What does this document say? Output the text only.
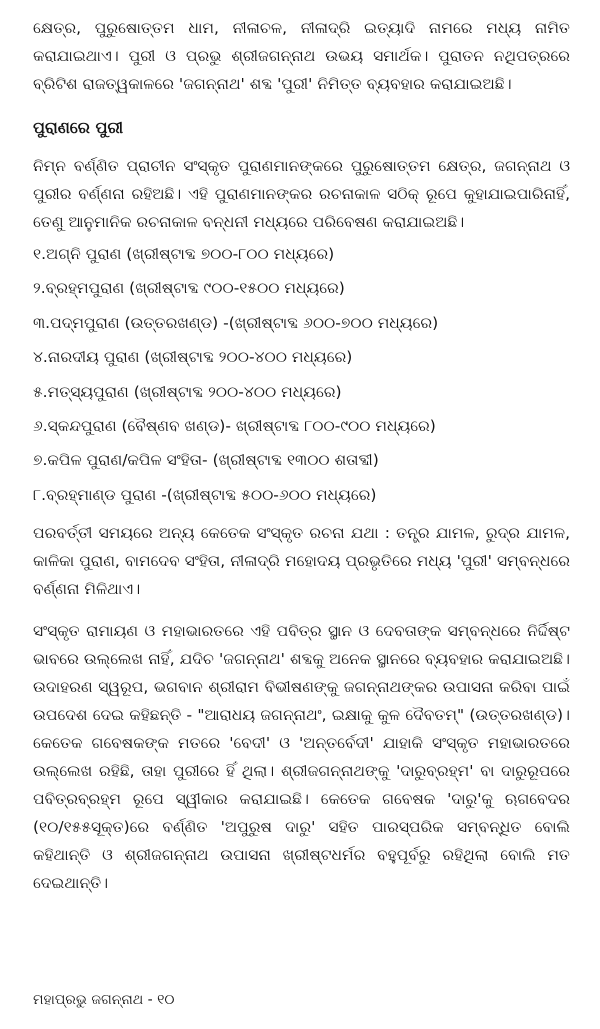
କ୍ଷେତ୍ର, ପୁରୁଷୋତ୍ତମ ଧାମ, ନୀଳାଚଳ, ନୀଳାଦ୍ରି ଇତ୍ୟାଦି ନାମରେ ମଧ୍ୟ ନାମିତ କରାଯାଇଥାଏ। ପୁରୀ ଓ ପ୍ରଭୁ ଶ୍ରୀଜଗନ୍ନାଥ ଉଭୟ ସମାର୍ଥକ। ପୁରାତନ ନଥିପତ୍ରରେ ବ୍ରିଟିଶ ରାଜତ୍ୱକାଳରେ 'ଜଗନ୍ନାଥ' ଶବ୍ଦ 'ପୁରୀ' ନିମିତ୍ତ ବ୍ୟବହାର କରାଯାଇଅଛି।

ପୁରାଣରେ ପୁରୀ

ନିମ୍ନ ବର୍ଣ୍ଣିତ ପ୍ରାଚୀନ ସଂସ୍କୃତ ପୁରାଣମାନଙ୍କରେ ପୁରୁଷୋତ୍ତମ କ୍ଷେତ୍ର, ଜଗନ୍ନାଥ ଓ ପୁରୀର ବର୍ଣ୍ଣନା ରହିଅଛି। ଏହି ପୁରାଣମାନଙ୍କର ରଚନାକାଳ ସଠିକ୍ ରୂପେ କୁହାଯାଇପାରିନାହିଁ, ତେଣୁ ଆନୁମାନିକ ରଚନାକାଳ ବନ୍ଧନୀ ମଧ୍ୟରେ ପରିବେଷଣ କରାଯାଇଅଛି।

୧.ଅଗ୍ନି ପୁରାଣ (ଖ୍ରୀଷ୍ଟାବ୍ଦ ୭୦୦-୮୦୦ ମଧ୍ୟରେ)
୨.ବ୍ରହ୍ମପୁରାଣ (ଖ୍ରୀଷ୍ଟାବ୍ଦ ୯୦୦-୧୫୦୦ ମଧ୍ୟରେ)
୩.ପଦ୍ମପୁରାଣ (ଉତ୍ତରଖଣ୍ଡ) -(ଖ୍ରୀଷ୍ଟାବ୍ଦ ୬୦୦-୭୦୦ ମଧ୍ୟରେ)
୪.ନାରଦୀୟ ପୁରାଣ (ଖ୍ରୀଷ୍ଟାବ୍ଦ ୨୦୦-୪୦୦ ମଧ୍ୟରେ)
୫.ମତ୍ସ୍ୟପୁରାଣ (ଖ୍ରୀଷ୍ଟାବ୍ଦ ୨୦୦-୪୦୦ ମଧ୍ୟରେ)
୬.ସ୍କନ୍ଦପୁରାଣ (ବୈଷ୍ଣବ ଖଣ୍ଡ)- ଖ୍ରୀଷ୍ଟାବ୍ଦ ୮୦୦-୯୦୦ ମଧ୍ୟରେ)
୭.କପିଳ ପୁରାଣ/କପିଳ ସଂହିତା- (ଖ୍ରୀଷ୍ଟାବ୍ଦ ୧୩୦୦ ଶତାବ୍ଦୀ)
୮.ବ୍ରହ୍ମାଣ୍ଡ ପୁରାଣ -(ଖ୍ରୀଷ୍ଟାବ୍ଦ ୫୦୦-୬୦୦ ମଧ୍ୟରେ)

ପରବର୍ତ୍ତୀ ସମୟରେ ଅନ୍ୟ କେତେକ ସଂସ୍କୃତ ରଚନା ଯଥା : ତନ୍ତ୍ର ଯାମଳ, ରୁଦ୍ର ଯାମଳ, କାଳିକା ପୁରାଣ, ବାମଦେବ ସଂହିତା, ନୀଳାଦ୍ରି ମହୋଦୟ ପ୍ରଭୃତିରେ ମଧ୍ୟ 'ପୁରୀ' ସମ୍ବନ୍ଧରେ ବର୍ଣ୍ଣନା ମିଳିଥାଏ।

ସଂସ୍କୃତ ରାମାୟଣ ଓ ମହାଭାରତରେ ଏହି ପବିତ୍ର ସ୍ଥାନ ଓ ଦେବତାଙ୍କ ସମ୍ବନ୍ଧରେ ନିର୍ଦ୍ଦିଷ୍ଟ ଭାବରେ ଉଲ୍ଲେଖ ନାହିଁ, ଯଦିଚ 'ଜଗନ୍ନାଥ' ଶବ୍ଦକୁ ଅନେକ ସ୍ଥାନରେ ବ୍ୟବହାର କରାଯାଇଅଛି। ଉଦାହରଣ ସ୍ୱରୂପ, ଭଗବାନ ଶ୍ରୀରାମ ବିଭୀଷଣଙ୍କୁ ଜଗନ୍ନାଥଙ୍କର ଉପାସନା କରିବା ପାଇଁ ଉପଦେଶ ଦେଇ କହିଛନ୍ତି - "ଆରାଧୟ ଜଗନ୍ନାଥଂ, ଇକ୍ଷାକୁ କୁଳ ଦୈବତମ୍" (ଉତ୍ତରଖଣ୍ଡ)। କେତେକ ଗବେଷକଙ୍କ ମତରେ 'ବେଦୀ' ଓ 'ଅନ୍ତର୍ବେଦୀ' ଯାହାକି ସଂସ୍କୃତ ମହାଭାରତରେ ଉଲ୍ଲେଖ ରହିଛି, ତାହା ପୁରୀରେ ହିଁ ଥିଲା। ଶ୍ରୀଜଗନ୍ନାଥଙ୍କୁ 'ଦାରୁବ୍ରହ୍ମ' ବା ଦାରୁରୂପରେ ପବିତ୍ରବ୍ରହ୍ମ ରୂପେ ସ୍ୱୀକାର କରାଯାଇଛି। କେତେକ ଗବେଷକ 'ଦାରୁ'କୁ ଋଗବେଦର (୧୦/୧୫୫ସୂକ୍ତ)ରେ ବର୍ଣ୍ଣିତ 'ଅପୁରୁଷ ଦାରୁ' ସହିତ ପାରସ୍ପରିକ ସମ୍ବନ୍ଧିତ ବୋଲି କହିଥାନ୍ତି ଓ ଶ୍ରୀଜଗନ୍ନାଥ ଉପାସନା ଖ୍ରୀଷ୍ଟଧର୍ମର ବହୁପୂର୍ବରୁ ରହିଥିଲା ବୋଲି ମତ ଦେଇଥାନ୍ତି।

ମହାପ୍ରଭୁ ଜଗନ୍ନାଥ - ୧୦
